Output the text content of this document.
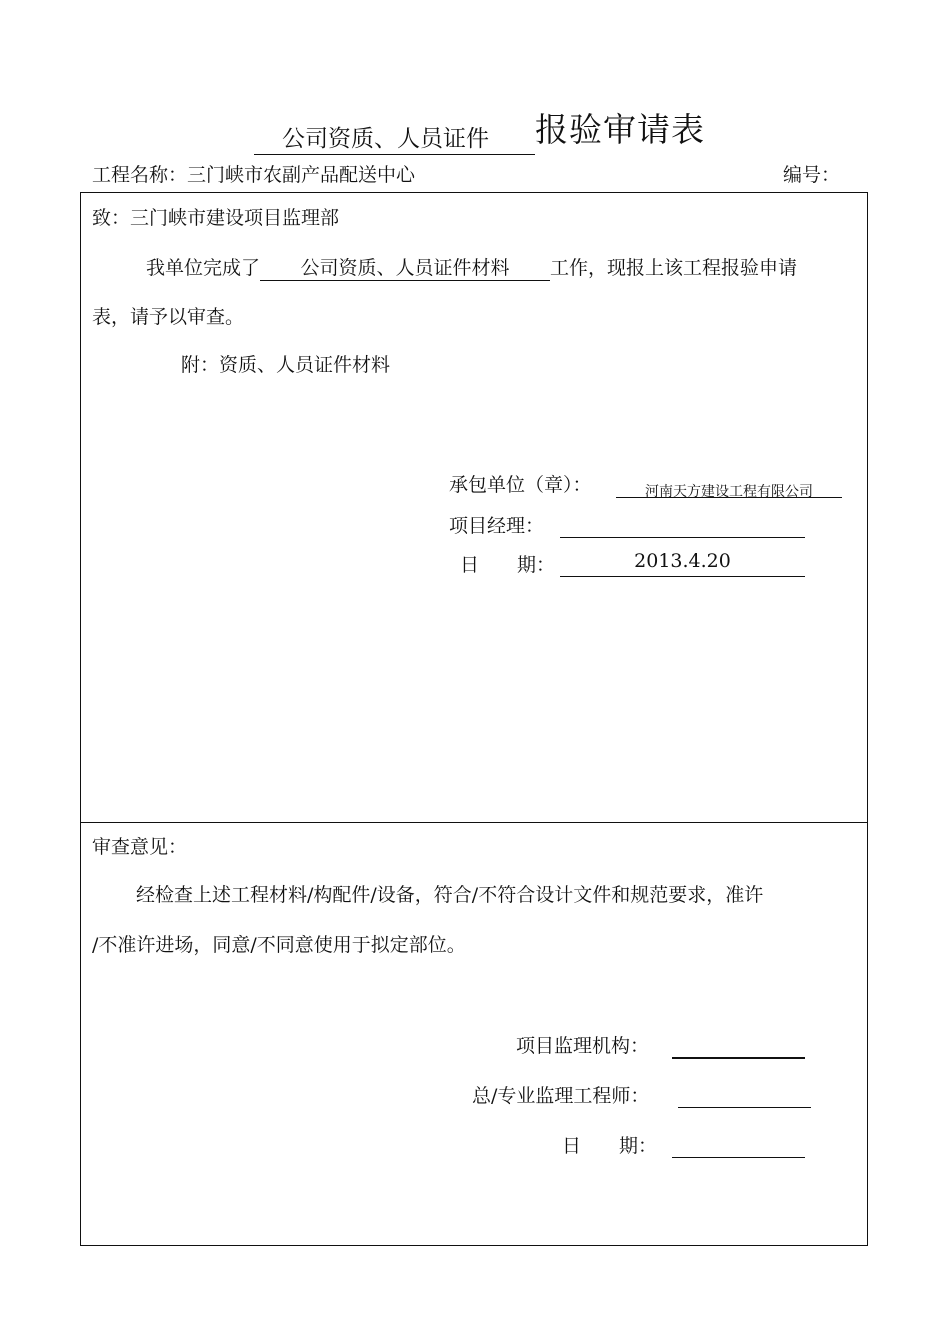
公司资质、人员证件 报验审请表
工程名称：三门峡市农副产品配送中心	编号：
致：三门峡市建设项目监理部
我单位完成了 公司资质、人员证件材料 工作，现报上该工程报验申请
表，请予以审查。
附：资质、人员证件材料
承包单位（章）：	河南天方建设工程有限公司
项目经理：
日　　期：	2013.4.20
审查意见：
经检查上述工程材料/构配件/设备，符合/不符合设计文件和规范要求，准许
/不准许进场，同意/不同意使用于拟定部位。
项目监理机构：
总/专业监理工程师：
日　　期：
